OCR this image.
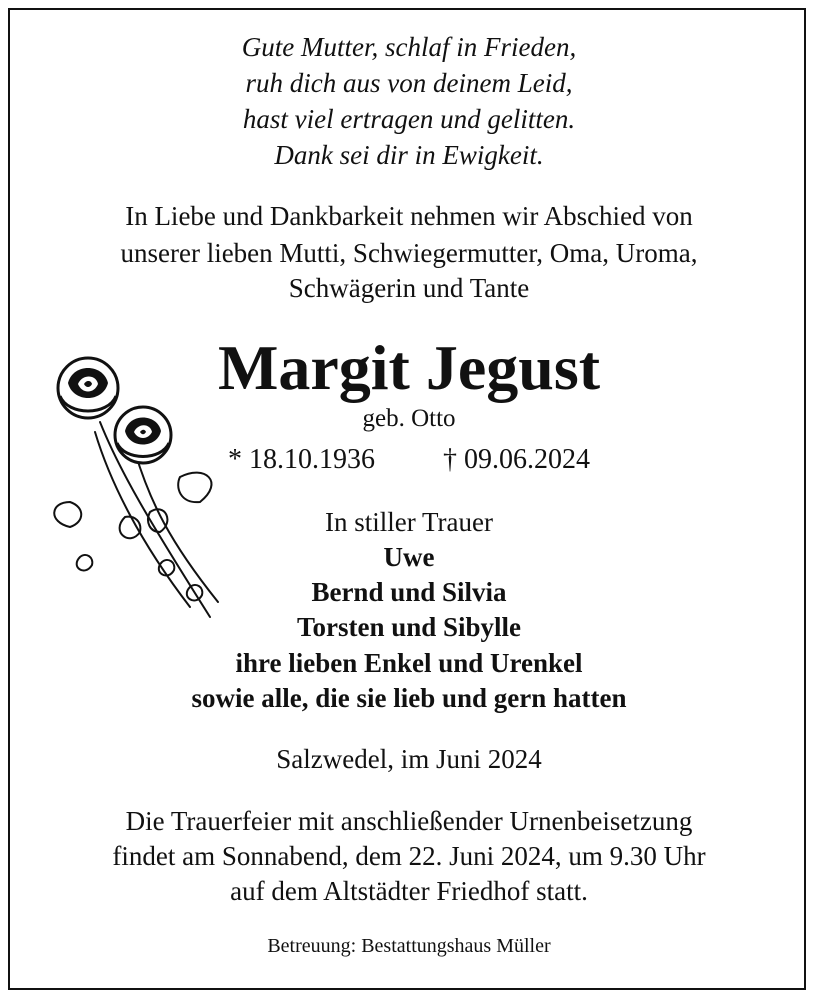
Gute Mutter, schlaf in Frieden,
ruh dich aus von deinem Leid,
hast viel ertragen und gelitten.
Dank sei dir in Ewigkeit.
In Liebe und Dankbarkeit nehmen wir Abschied von
unserer lieben Mutti, Schwiegermutter, Oma, Uroma,
Schwägerin und Tante
Margit Jegust
geb. Otto
* 18.10.1936 † 09.06.2024
In stiller Trauer
Uwe
Bernd und Silvia
Torsten und Sibylle
ihre lieben Enkel und Urenkel
sowie alle, die sie lieb und gern hatten
Salzwedel, im Juni 2024
Die Trauerfeier mit anschließender Urnenbeisetzung
findet am Sonnabend, dem 22. Juni 2024, um 9.30 Uhr
auf dem Altstädter Friedhof statt.
Betreuung: Bestattungshaus Müller
